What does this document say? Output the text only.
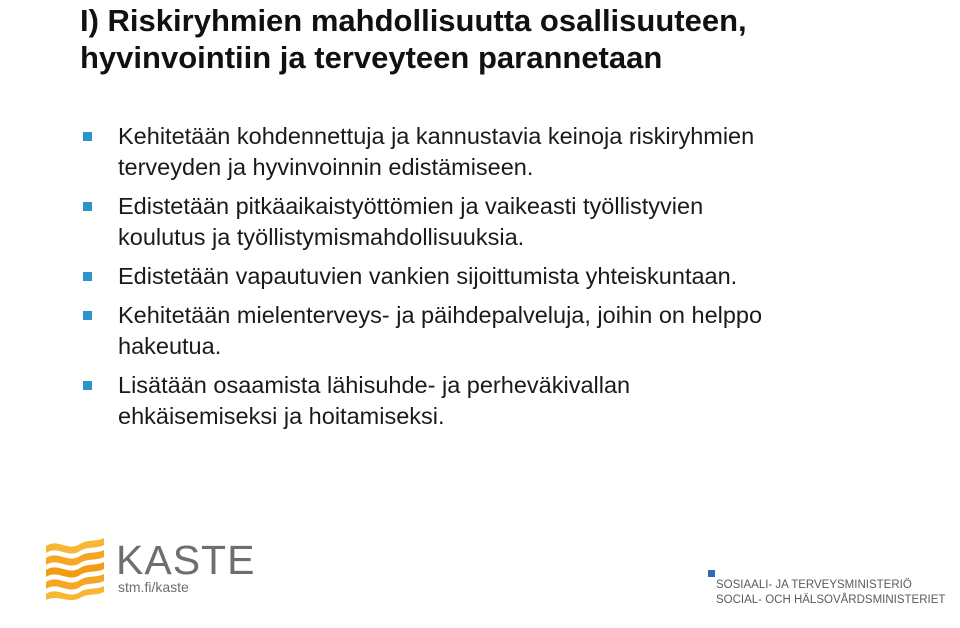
I) Riskiryhmien mahdollisuutta osallisuuteen,
hyvinvointiin ja terveyteen parannetaan
Kehitetään kohdennettuja ja kannustavia keinoja riskiryhmien
terveyden ja hyvinvoinnin edistämiseen.
Edistetään pitkäaikaistyöttömien ja vaikeasti työllistyvien
koulutus ja työllistymismahdollisuuksia.
Edistetään vapautuvien vankien sijoittumista yhteiskuntaan.
Kehitetään mielenterveys- ja päihdepalveluja, joihin on helppo
hakeutua.
Lisätään osaamista lähisuhde- ja perheväkivallan
ehkäisemiseksi ja hoitamiseksi.
KASTE
stm.fi/kaste	SOSIAALI- JA TERVEYSMINISTERIÖ
SOCIAL- OCH HÄLSOVÅRDSMINISTERIET
